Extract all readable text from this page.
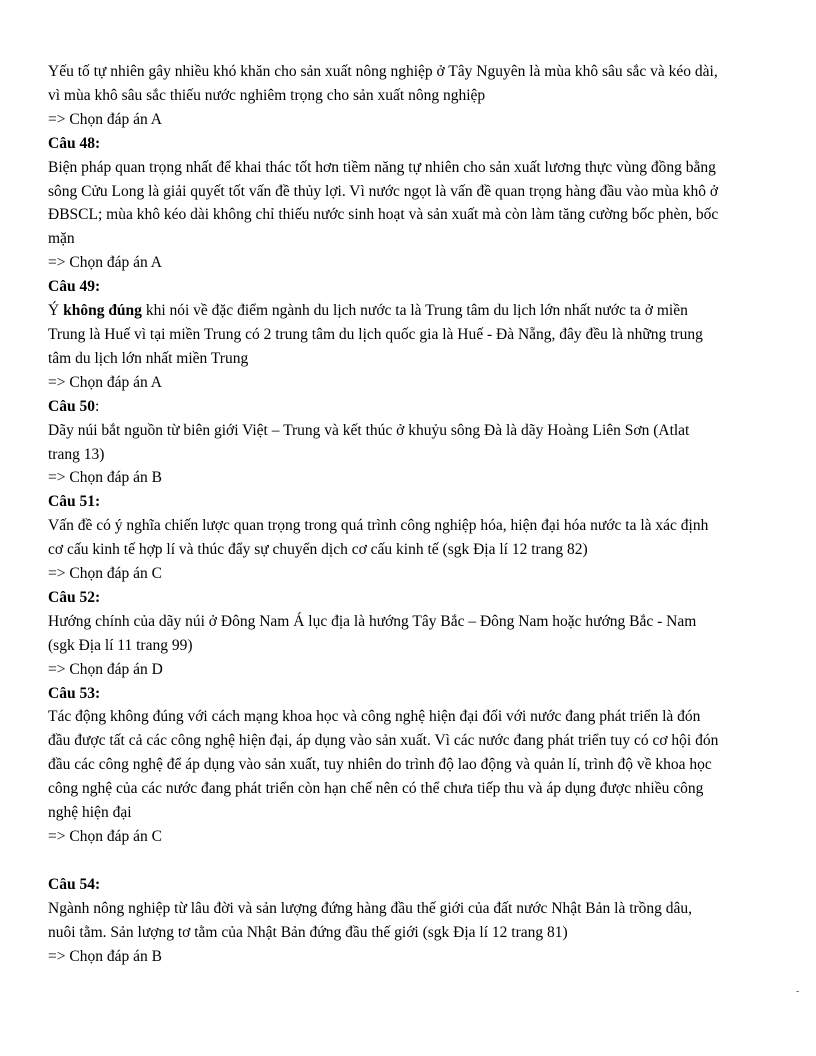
Yếu tố tự nhiên gây nhiều khó khăn cho sản xuất nông nghiệp ở Tây Nguyên là mùa khô sâu sắc và kéo dài,

vì mùa khô sâu sắc thiếu nước nghiêm trọng cho sản xuất nông nghiệp

=> Chọn đáp án A

Câu 48:

Biện pháp quan trọng nhất để khai thác tốt hơn tiềm năng tự nhiên cho sản xuất lương thực vùng đồng bằng

sông Cửu Long là giải quyết tốt vấn đề thủy lợi. Vì nước ngọt là vấn đề quan trọng hàng đầu vào mùa khô ở

ĐBSCL; mùa khô kéo dài không chỉ thiếu nước sinh hoạt và sản xuất mà còn làm tăng cường bốc phèn, bốc

mặn

=> Chọn đáp án A

Câu 49:

Ý không đúng khi nói về đặc điểm ngành du lịch nước ta là Trung tâm du lịch lớn nhất nước ta ở miền

Trung là Huế vì tại miền Trung có 2 trung tâm du lịch quốc gia là Huế - Đà Nẵng, đây đều là những trung

tâm du lịch lớn nhất miền Trung

=> Chọn đáp án A

Câu 50:

Dãy núi bắt nguồn từ biên giới Việt – Trung và kết thúc ở khuỷu sông Đà là dãy Hoàng Liên Sơn (Atlat

trang 13)

=> Chọn đáp án B

Câu 51:

Vấn đề có ý nghĩa chiến lược quan trọng trong quá trình công nghiệp hóa, hiện đại hóa nước ta là xác định

cơ cấu kinh tế hợp lí và thúc đẩy sự chuyển dịch cơ cấu kinh tế (sgk Địa lí 12 trang 82)

=> Chọn đáp án C

Câu 52:

Hướng chính của dãy núi ở Đông Nam Á lục địa là hướng Tây Bắc – Đông Nam hoặc hướng Bắc - Nam

(sgk Địa lí 11 trang 99)

=> Chọn đáp án D

Câu 53:

Tác động không đúng với cách mạng khoa học và công nghệ hiện đại đối với nước đang phát triển là đón

đầu được tất cả các công nghệ hiện đại, áp dụng vào sản xuất. Vì các nước đang phát triển tuy có cơ hội đón

đầu các công nghệ để áp dụng vào sản xuất, tuy nhiên do trình độ lao động và quản lí, trình độ về khoa học

công nghệ của các nước đang phát triển còn hạn chế nên có thể chưa tiếp thu và áp dụng được nhiều công

nghệ hiện đại

=> Chọn đáp án C

Câu 54:

Ngành nông nghiệp từ lâu đời và sản lượng đứng hàng đầu thế giới của đất nước Nhật Bản là trồng dâu,

nuôi tằm. Sản lượng tơ tằm của Nhật Bản đứng đầu thế giới (sgk Địa lí 12 trang 81)

=> Chọn đáp án B

-
